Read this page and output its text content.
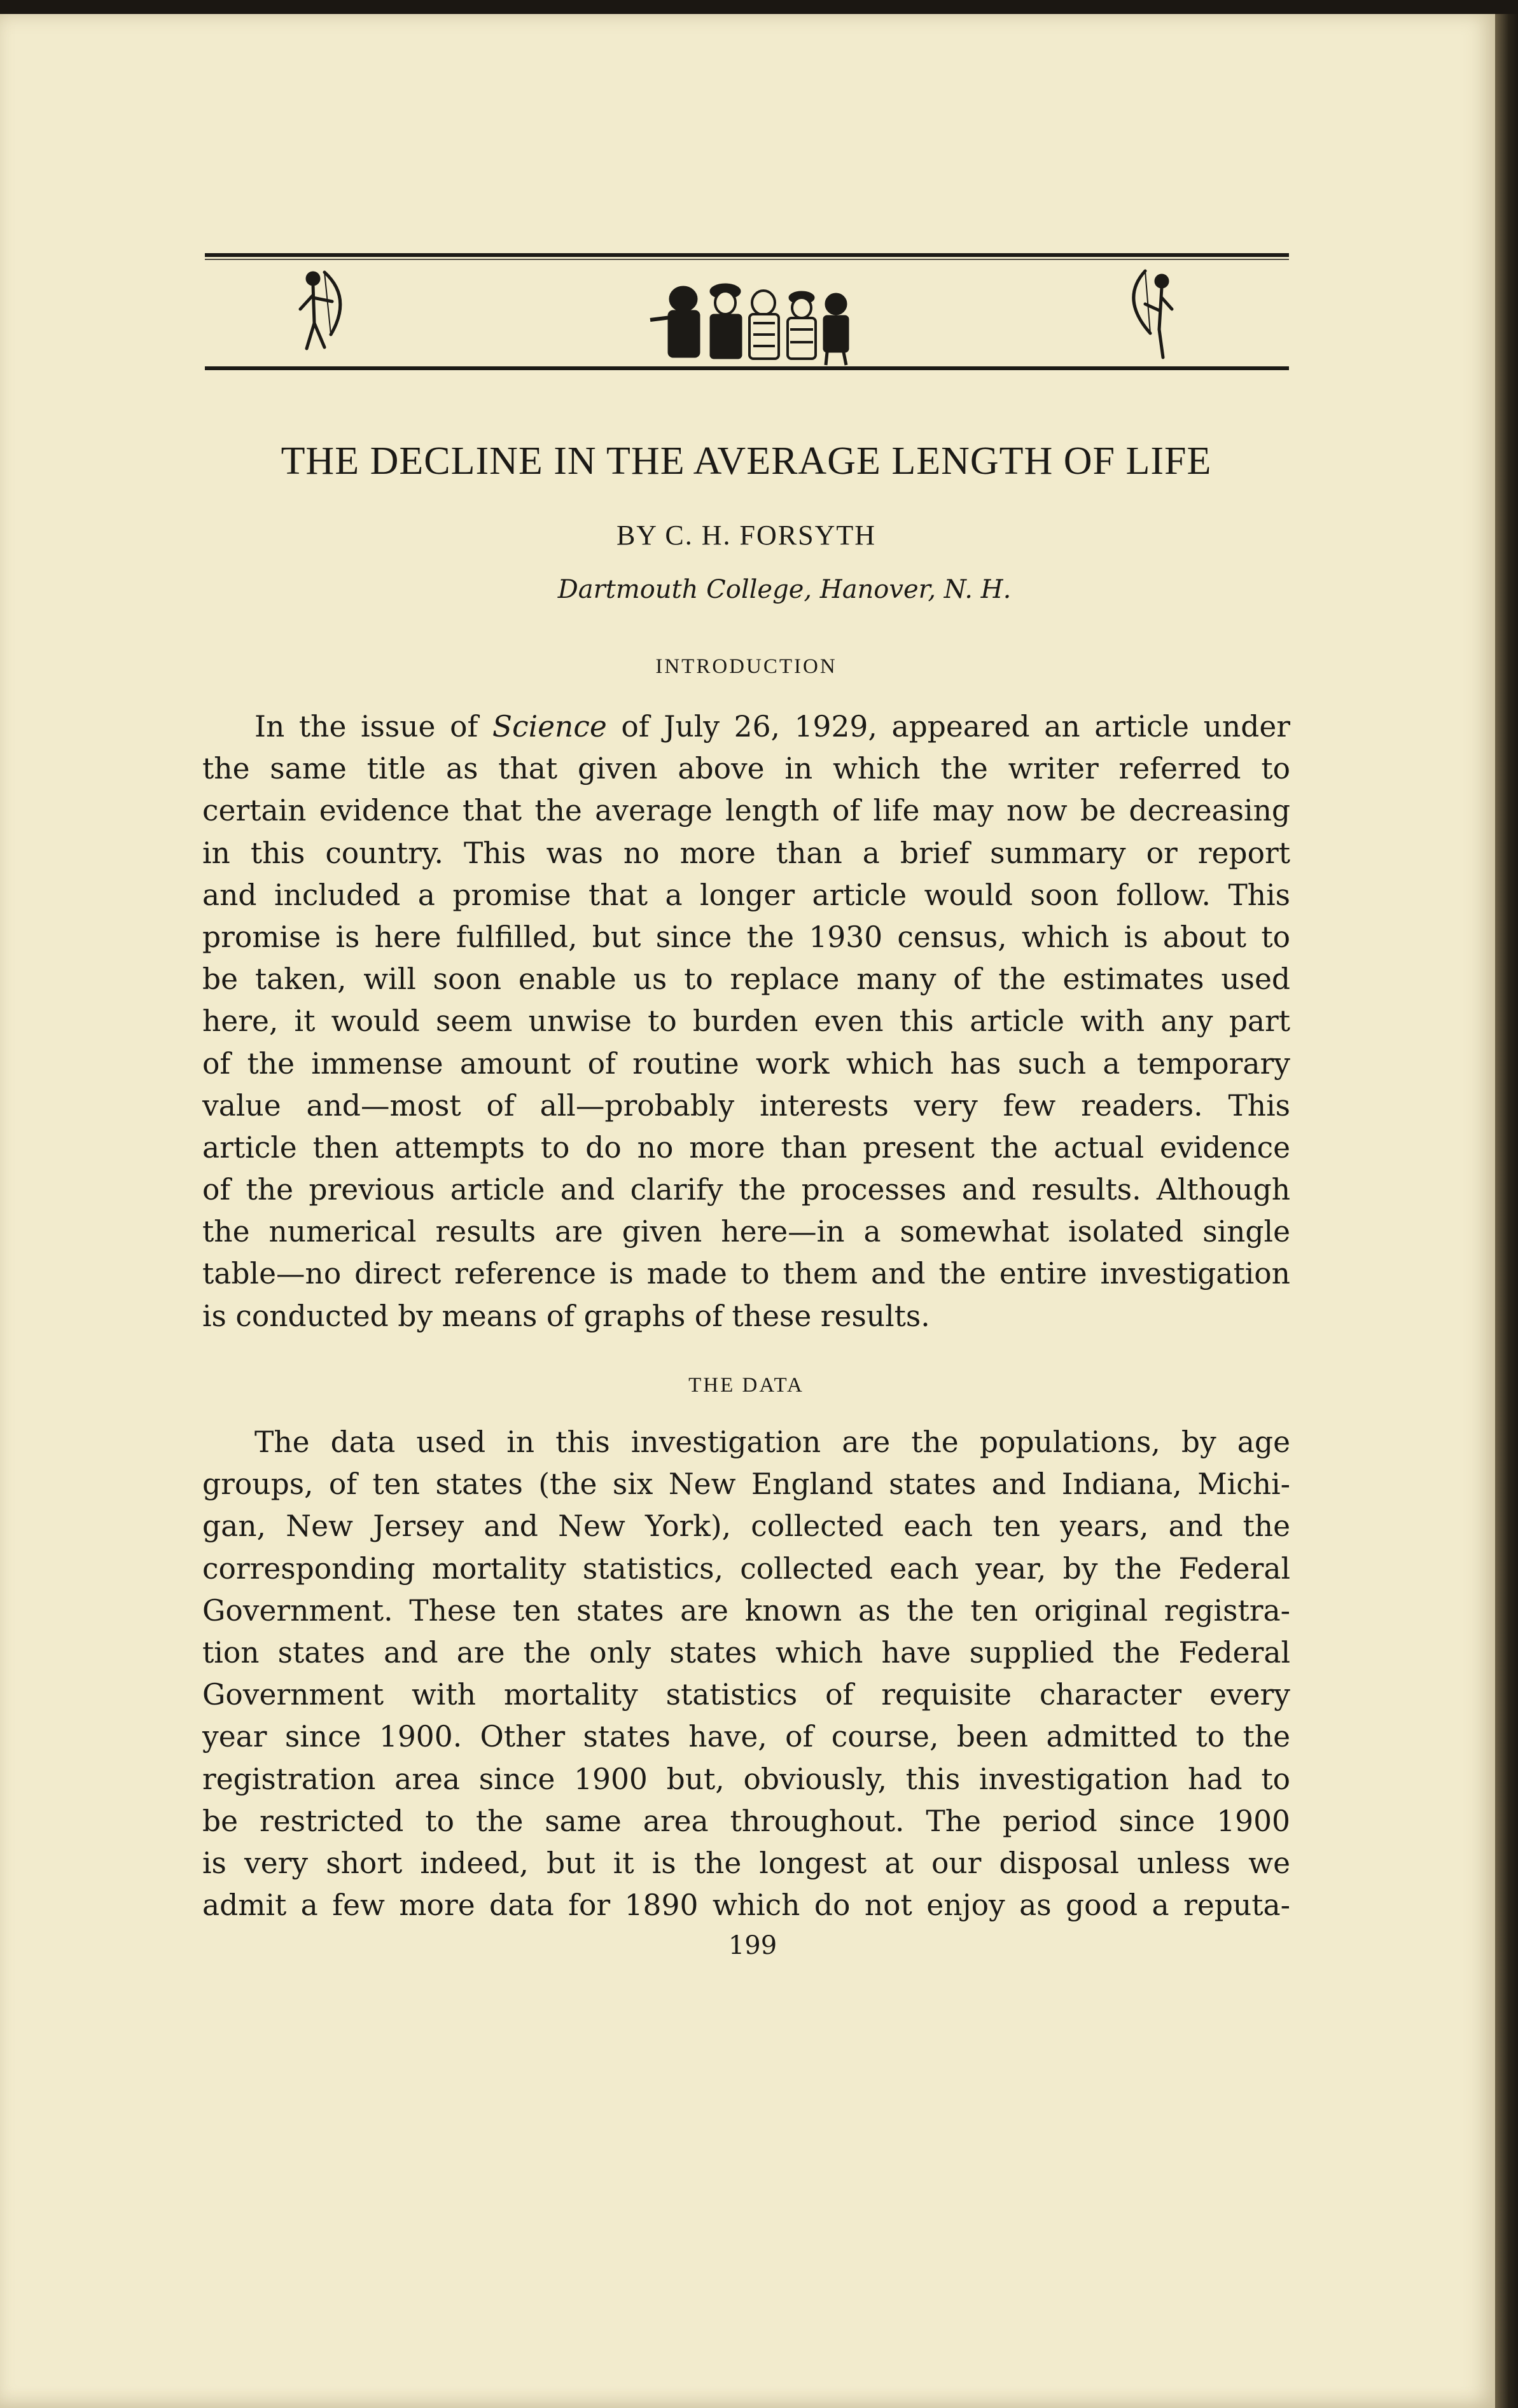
THE DECLINE IN THE AVERAGE LENGTH OF LIFE
BY C. H. FORSYTH
Dartmouth College, Hanover, N. H.
INTRODUCTION
In the issue of Science of July 26, 1929, appeared an article under
the same title as that given above in which the writer referred to
certain evidence that the average length of life may now be decreasing
in this country. This was no more than a brief summary or report
and included a promise that a longer article would soon follow. This
promise is here fulfilled, but since the 1930 census, which is about to
be taken, will soon enable us to replace many of the estimates used
here, it would seem unwise to burden even this article with any part
of the immense amount of routine work which has such a temporary
value and—most of all—probably interests very few readers. This
article then attempts to do no more than present the actual evidence
of the previous article and clarify the processes and results. Although
the numerical results are given here—in a somewhat isolated single
table—no direct reference is made to them and the entire investigation
is conducted by means of graphs of these results.
THE DATA
The data used in this investigation are the populations, by age
groups, of ten states (the six New England states and Indiana, Michi-
gan, New Jersey and New York), collected each ten years, and the
corresponding mortality statistics, collected each year, by the Federal
Government. These ten states are known as the ten original registra-
tion states and are the only states which have supplied the Federal
Government with mortality statistics of requisite character every
year since 1900. Other states have, of course, been admitted to the
registration area since 1900 but, obviously, this investigation had to
be restricted to the same area throughout. The period since 1900
is very short indeed, but it is the longest at our disposal unless we
admit a few more data for 1890 which do not enjoy as good a reputa-
199
